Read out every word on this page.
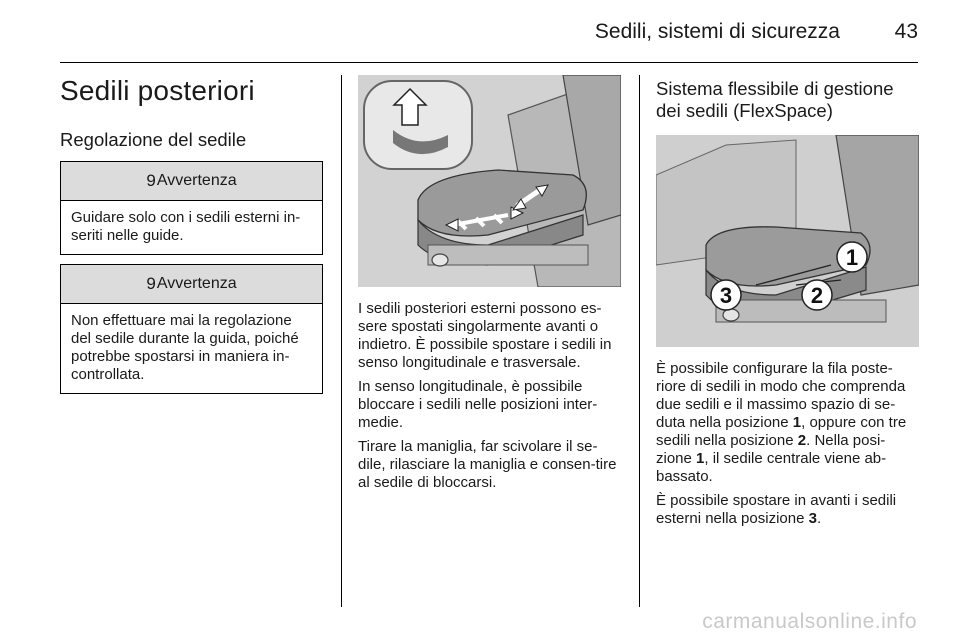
Sedili, sistemi di sicurezza	43
Sedili posteriori
Regolazione del sedile
9 Avvertenza
Guidare solo con i sedili esterni in-seriti nelle guide.
9 Avvertenza
Non effettuare mai la regolazione del sedile durante la guida, poiché potrebbe spostarsi in maniera in-controllata.

I sedili posteriori esterni possono es-sere spostati singolarmente avanti o indietro. È possibile spostare i sedili in senso longitudinale e trasversale.

In senso longitudinale, è possibile bloccare i sedili nelle posizioni inter-medie.

Tirare la maniglia, far scivolare il se-dile, rilasciare la maniglia e consen-tire al sedile di bloccarsi.

Sistema flessibile di gestione dei sedili (FlexSpace)
1
2
3

È possibile configurare la fila poste-riore di sedili in modo che comprenda due sedili e il massimo spazio di se-duta nella posizione 1, oppure con tre sedili nella posizione 2. Nella posi-zione 1, il sedile centrale viene ab-bassato.

È possibile spostare in avanti i sedili esterni nella posizione 3.

carmanualsonline.info
